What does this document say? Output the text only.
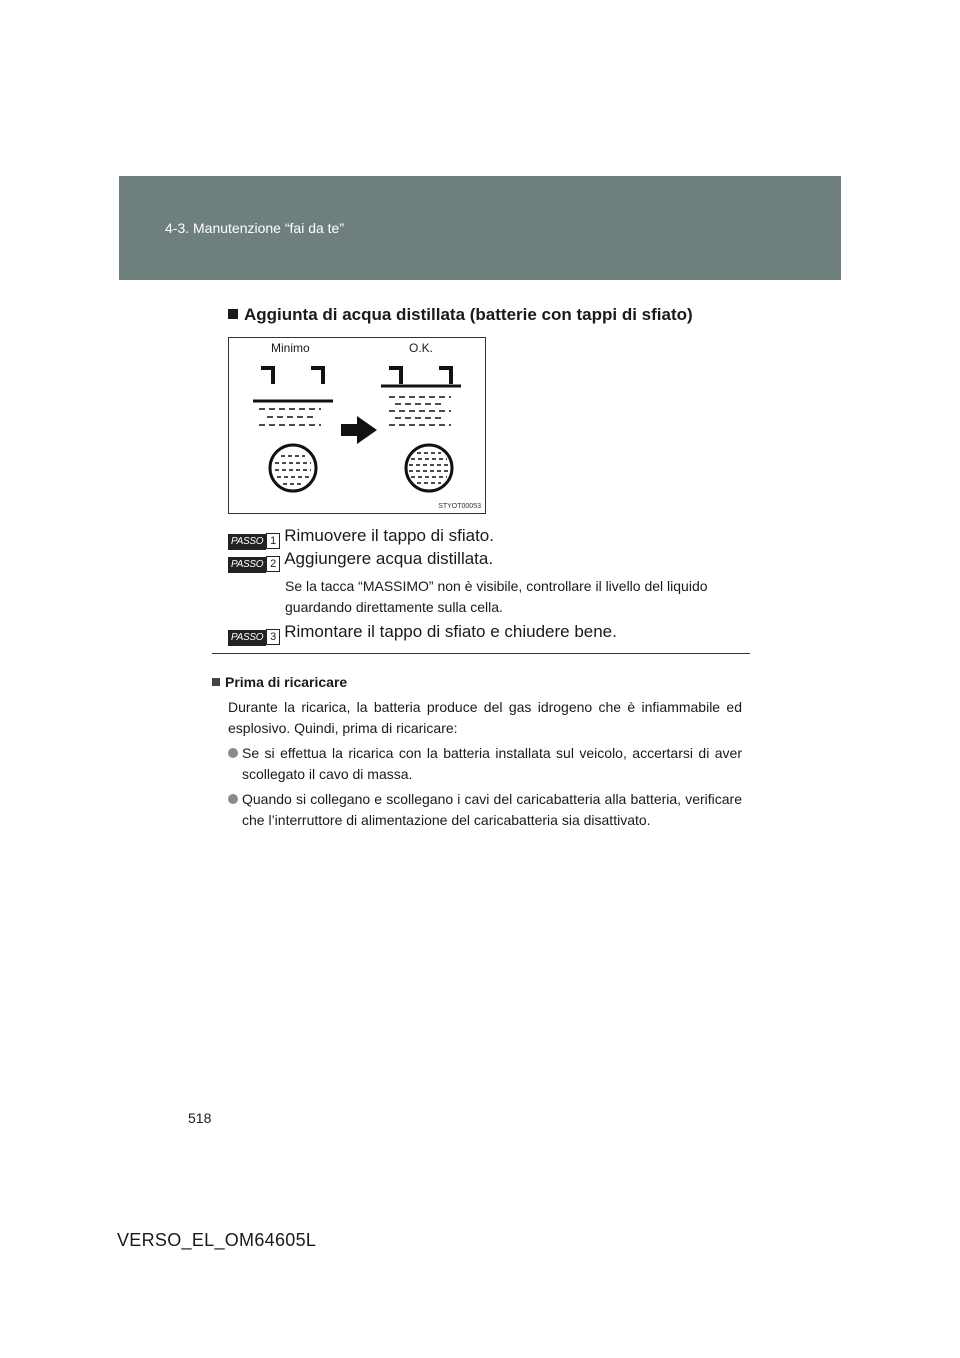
4-3. Manutenzione “fai da te”
Aggiunta di acqua distillata (batterie con tappi di sfiato)
Minimo	O.K.
STYOT00053
PASSO 1 Rimuovere il tappo di sfiato.
PASSO 2 Aggiungere acqua distillata.
Se la tacca “MASSIMO” non è visibile, controllare il livello del liquido guardando direttamente sulla cella.
PASSO 3 Rimontare il tappo di sfiato e chiudere bene.
Prima di ricaricare
Durante la ricarica, la batteria produce del gas idrogeno che è infiammabile ed esplosivo. Quindi, prima di ricaricare:
Se si effettua la ricarica con la batteria installata sul veicolo, accertarsi di aver scollegato il cavo di massa.
Quando si collegano e scollegano i cavi del caricabatteria alla batteria, verificare che l’interruttore di alimentazione del caricabatteria sia disattivato.
518
VERSO_EL_OM64605L
